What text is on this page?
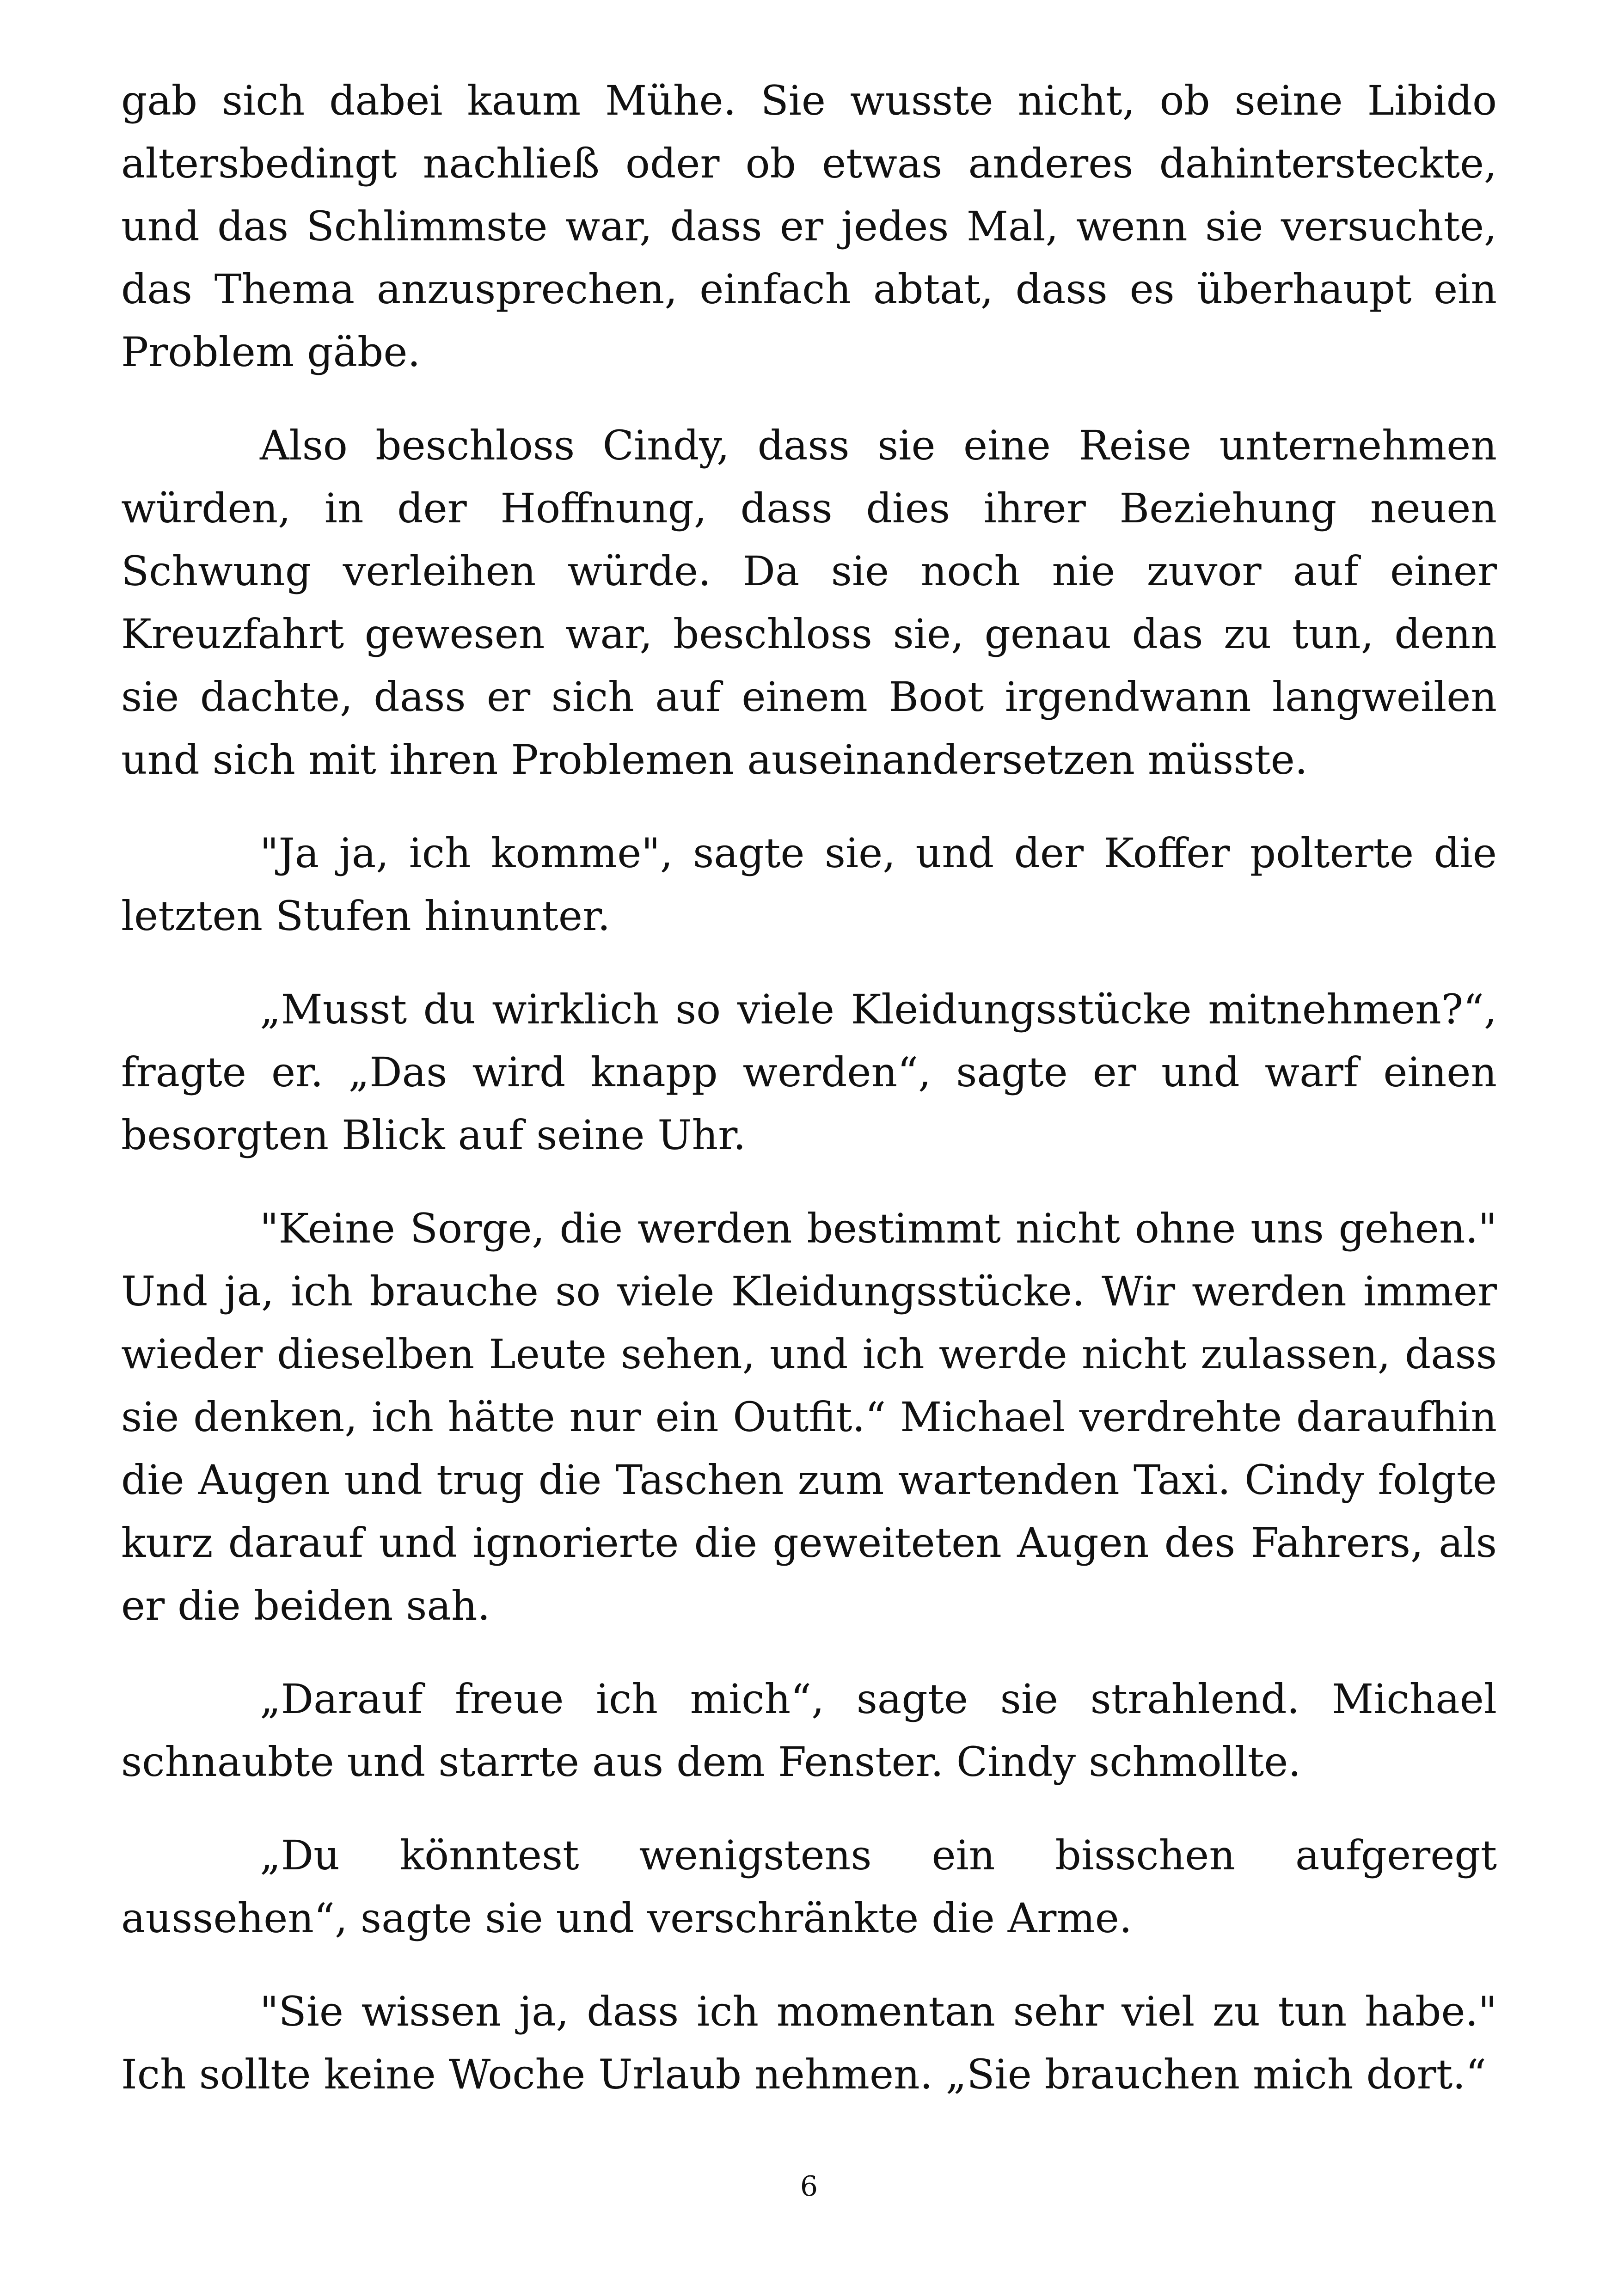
gab sich dabei kaum Mühe. Sie wusste nicht, ob seine Libido altersbedingt nachließ oder ob etwas anderes dahintersteckte, und das Schlimmste war, dass er jedes Mal, wenn sie versuchte, das Thema anzusprechen, einfach abtat, dass es überhaupt ein Problem gäbe.

Also beschloss Cindy, dass sie eine Reise unternehmen würden, in der Hoffnung, dass dies ihrer Beziehung neuen Schwung verleihen würde. Da sie noch nie zuvor auf einer Kreuzfahrt gewesen war, beschloss sie, genau das zu tun, denn sie dachte, dass er sich auf einem Boot irgendwann langweilen und sich mit ihren Problemen auseinandersetzen müsste.

"Ja ja, ich komme", sagte sie, und der Koffer polterte die letzten Stufen hinunter.

„Musst du wirklich so viele Kleidungsstücke mitnehmen?“, fragte er. „Das wird knapp werden“, sagte er und warf einen besorgten Blick auf seine Uhr.

"Keine Sorge, die werden bestimmt nicht ohne uns gehen." Und ja, ich brauche so viele Kleidungsstücke. Wir werden immer wieder dieselben Leute sehen, und ich werde nicht zulassen, dass sie denken, ich hätte nur ein Outfit.“ Michael verdrehte daraufhin die Augen und trug die Taschen zum wartenden Taxi. Cindy folgte kurz darauf und ignorierte die geweiteten Augen des Fahrers, als er die beiden sah.

„Darauf freue ich mich“, sagte sie strahlend. Michael schnaubte und starrte aus dem Fenster. Cindy schmollte.

„Du könntest wenigstens ein bisschen aufgeregt aussehen“, sagte sie und verschränkte die Arme.

"Sie wissen ja, dass ich momentan sehr viel zu tun habe." Ich sollte keine Woche Urlaub nehmen. „Sie brauchen mich dort.“

6
